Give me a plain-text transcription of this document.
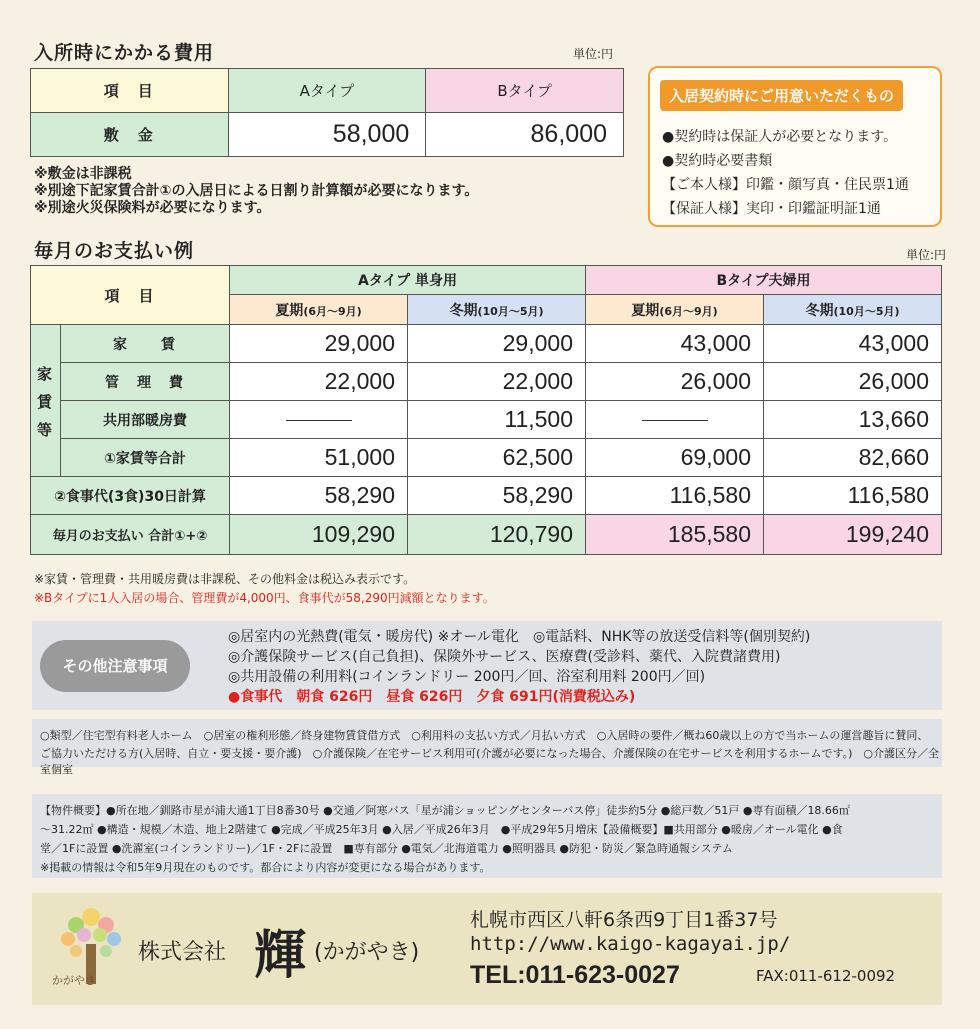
入所時にかかる費用	単位:円
項　目	Aタイプ	Bタイプ
敷　金	58,000	86,000
※敷金は非課税
※別途下記家賃合計①の入居日による日割り計算額が必要になります。
※別途火災保険料が必要になります。
入居契約時にご用意いただくもの
●契約時は保証人が必要となります。
●契約時必要書類
【ご本人様】印鑑・顔写真・住民票1通
【保証人様】実印・印鑑証明証1通
毎月のお支払い例	単位:円
項　目		Aタイプ 単身用		Bタイプ夫婦用	
		夏期(6月～9月)	冬期(10月～5月)	夏期(6月～9月)	冬期(10月～5月)

家
賃
等	家　　賃	29,000	29,000	43,000	43,000
	管　理　費	22,000	22,000	26,000	26,000
	共用部暖房費		11,500		13,660
	①家賃等合計	51,000	62,500	69,000	82,660
②食事代(3食)30日計算		58,290	58,290	116,580	116,580
毎月のお支払い 合計①+②		109,290	120,790	185,580	199,240
※家賃・管理費・共用暖房費は非課税、その他料金は税込み表示です。
※Bタイプに1人入居の場合、管理費が4,000円、食事代が58,290円減額となります。
その他注意事項
◎居室内の光熱費(電気・暖房代) ※オール電化　◎電話料、NHK等の放送受信料等(個別契約)
◎介護保険サービス(自己負担)、保険外サービス、医療費(受診料、薬代、入院費諸費用)
◎共用設備の利用料(コインランドリー 200円／回、浴室利用料 200円／回)
●食事代　朝食 626円　昼食 626円　夕食 691円(消費税込み)
○類型／住宅型有料老人ホーム　○居室の権利形態／終身建物賃貸借方式　○利用料の支払い方式／月払い方式　○入居時の要件／概ね60歳以上の方で当ホームの運営趣旨に賛同、
ご協力いただける方(入居時、自立・要支援・要介護)　○介護保険／在宅サービス利用可(介護が必要になった場合、介護保険の在宅サービスを利用するホームです。)　○介護区分／全室個室
【物件概要】●所在地／釧路市星が浦大通1丁目8番30号 ●交通／阿寒バス「星が浦ショッピングセンターバス停」徒歩約5分 ●総戸数／51戸 ●専有面積／18.66㎡
～31.22㎡ ●構造・規模／木造、地上2階建て ●完成／平成25年3月 ●入居／平成26年3月　●平成29年5月増床【設備概要】■共用部分 ●暖房／オール電化 ●食
堂／1Fに設置 ●洗濯室(コインランドリー)／1F・2Fに設置　■専有部分 ●電気／北海道電力 ●照明器具 ●防犯・防災／緊急時通報システム
※掲載の情報は令和5年9月現在のものです。都合により内容が変更になる場合があります。
かがやき
株式会社 輝 (かがやき)
札幌市西区八軒6条西9丁目1番37号
http://www.kaigo-kagayai.jp/
TEL:011-623-0027	FAX:011-612-0092
